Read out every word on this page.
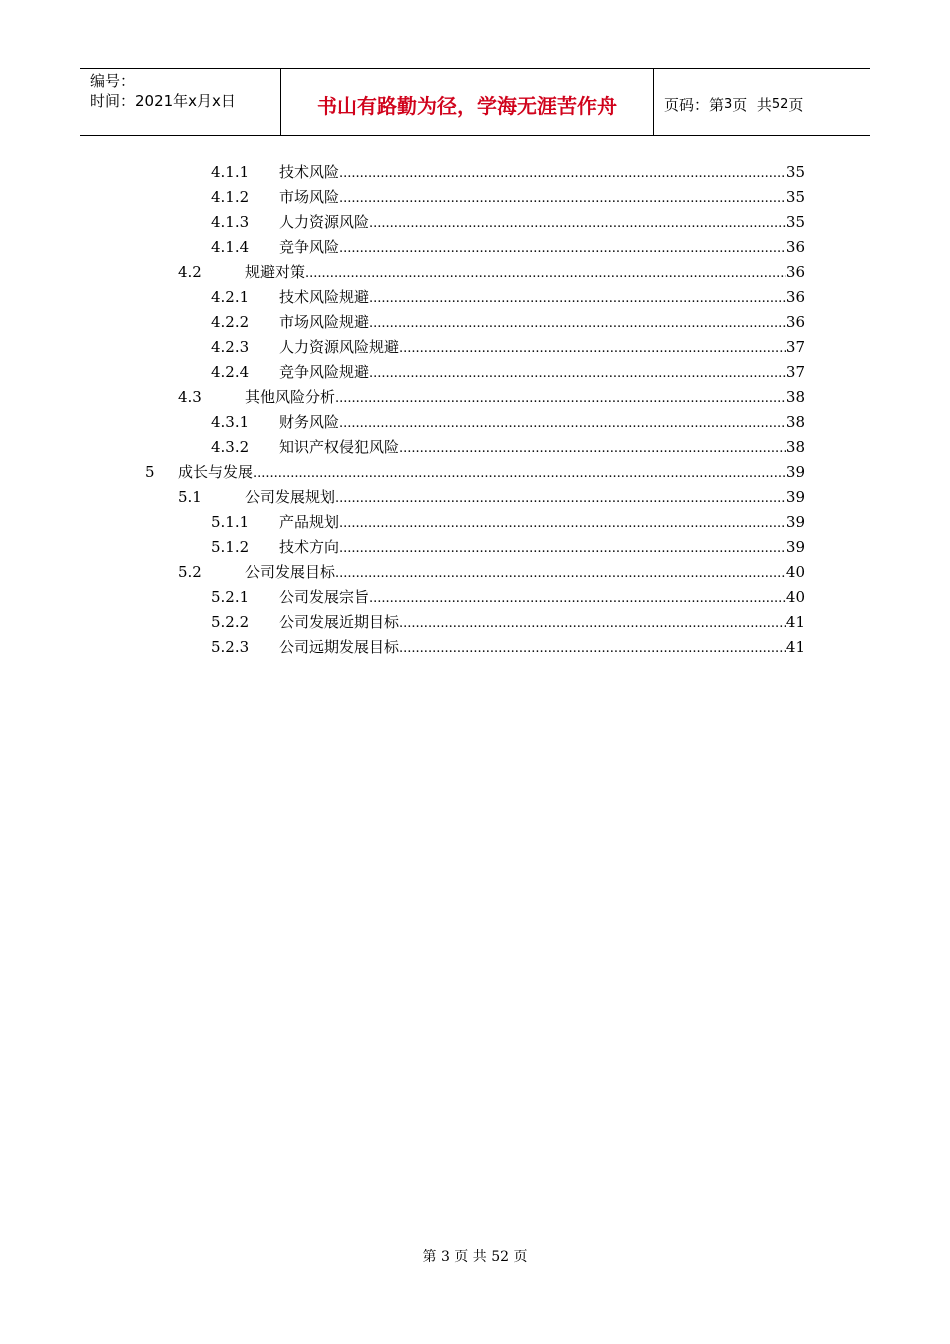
编号：
时间：2021年x月x日	书山有路勤为径，学海无涯苦作舟	页码：第 3 页  共 52 页
4.1.1 技术风险 .....	35
4.1.2 市场风险 .....	35
4.1.3 人力资源风险 .....	35
4.1.4 竞争风险 .....	36
4.2	规避对策 .....	36
4.2.1 技术风险规避 .....	36
4.2.2 市场风险规避 .....	36
4.2.3 人力资源风险规避 .....	37
4.2.4 竞争风险规避 .....	37
4.3	其他风险分析 .....	38
4.3.1 财务风险 .....	38
4.3.2 知识产权侵犯风险 .....	38
5 成长与发展 .....	39
5.1	公司发展规划 .....	39
5.1.1 产品规划 .....	39
5.1.2 技术方向 .....	39
5.2	公司发展目标 .....	40
5.2.1 公司发展宗旨 .....	40
5.2.2 公司发展近期目标 .....	41
5.2.3 公司远期发展目标 .....	41
第 3 页 共 52 页
